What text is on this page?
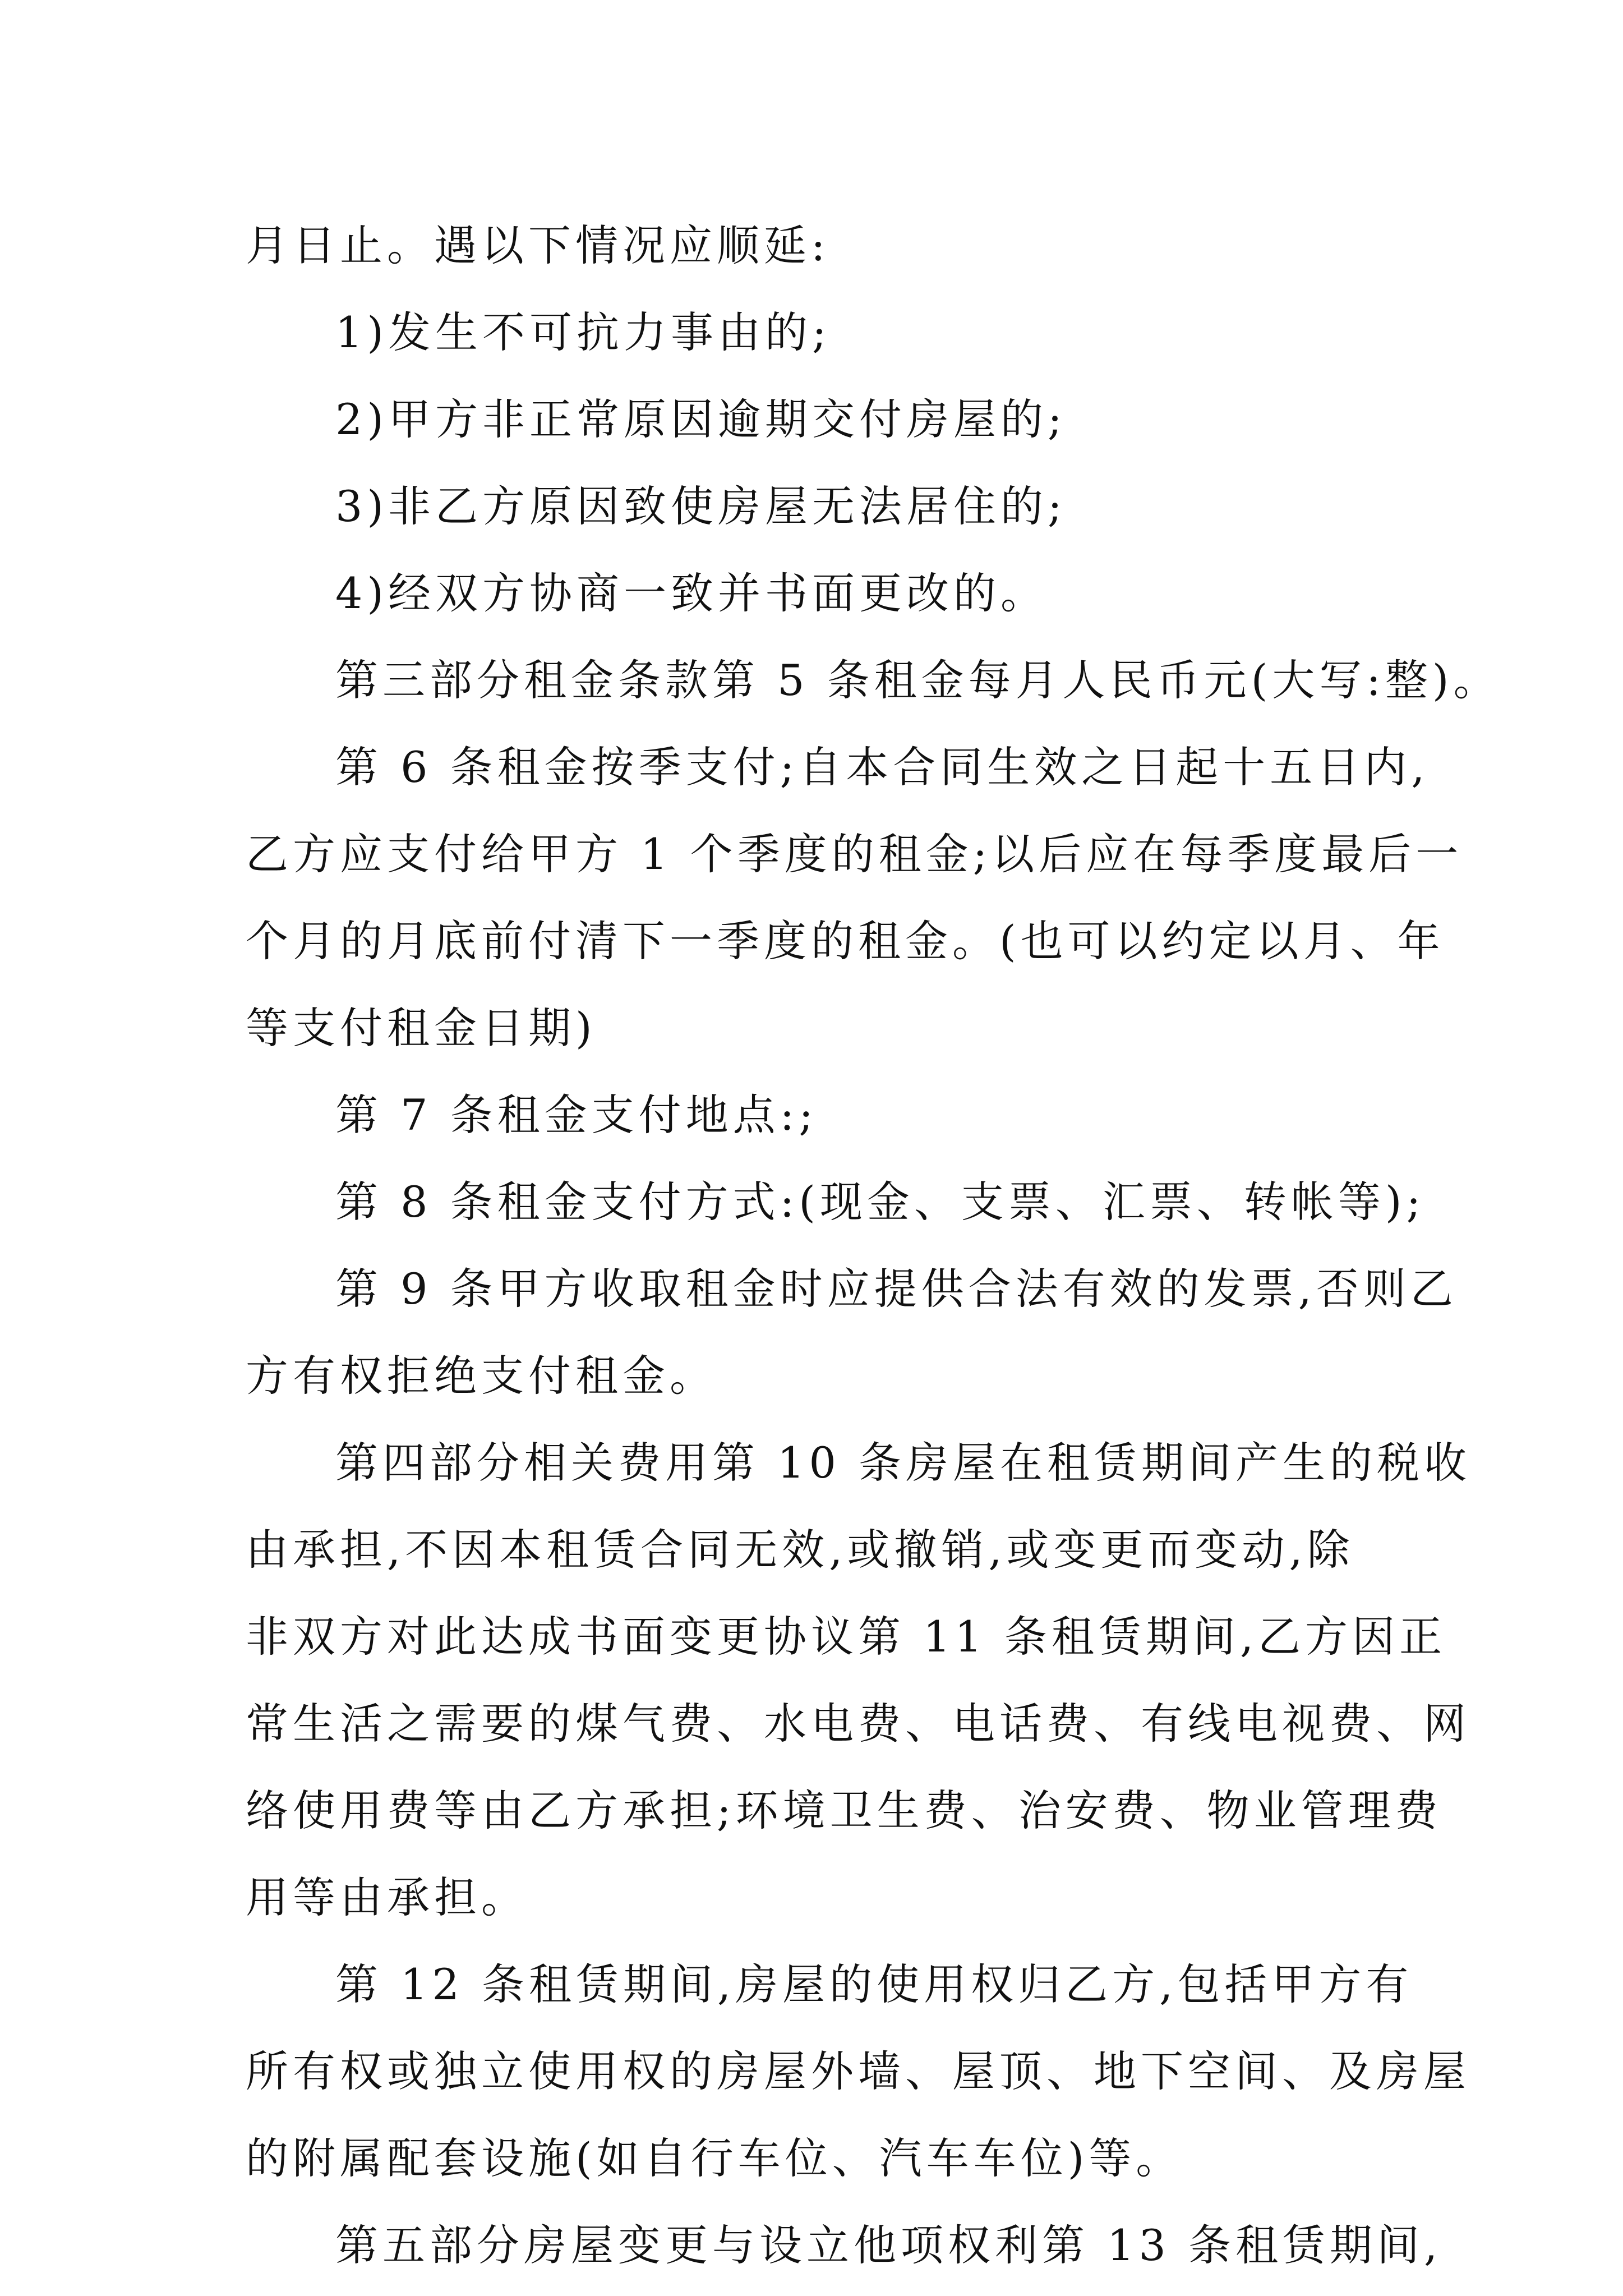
月日止。遇以下情况应顺延:
1)发生不可抗力事由的;
2)甲方非正常原因逾期交付房屋的;
3)非乙方原因致使房屋无法居住的;
4)经双方协商一致并书面更改的。
第三部分租金条款第 5 条租金每月人民币元(大写:整)。
第 6 条租金按季支付;自本合同生效之日起十五日内,
乙方应支付给甲方 1 个季度的租金;以后应在每季度最后一
个月的月底前付清下一季度的租金。(也可以约定以月、年
等支付租金日期)
第 7 条租金支付地点:;
第 8 条租金支付方式:(现金、支票、汇票、转帐等);
第 9 条甲方收取租金时应提供合法有效的发票,否则乙
方有权拒绝支付租金。
第四部分相关费用第 10 条房屋在租赁期间产生的税收
由承担,不因本租赁合同无效,或撤销,或变更而变动,除
非双方对此达成书面变更协议第 11 条租赁期间,乙方因正
常生活之需要的煤气费、水电费、电话费、有线电视费、网
络使用费等由乙方承担;环境卫生费、治安费、物业管理费
用等由承担。
第 12 条租赁期间,房屋的使用权归乙方,包括甲方有
所有权或独立使用权的房屋外墙、屋顶、地下空间、及房屋
的附属配套设施(如自行车位、汽车车位)等。
第五部分房屋变更与设立他项权利第 13 条租赁期间,
